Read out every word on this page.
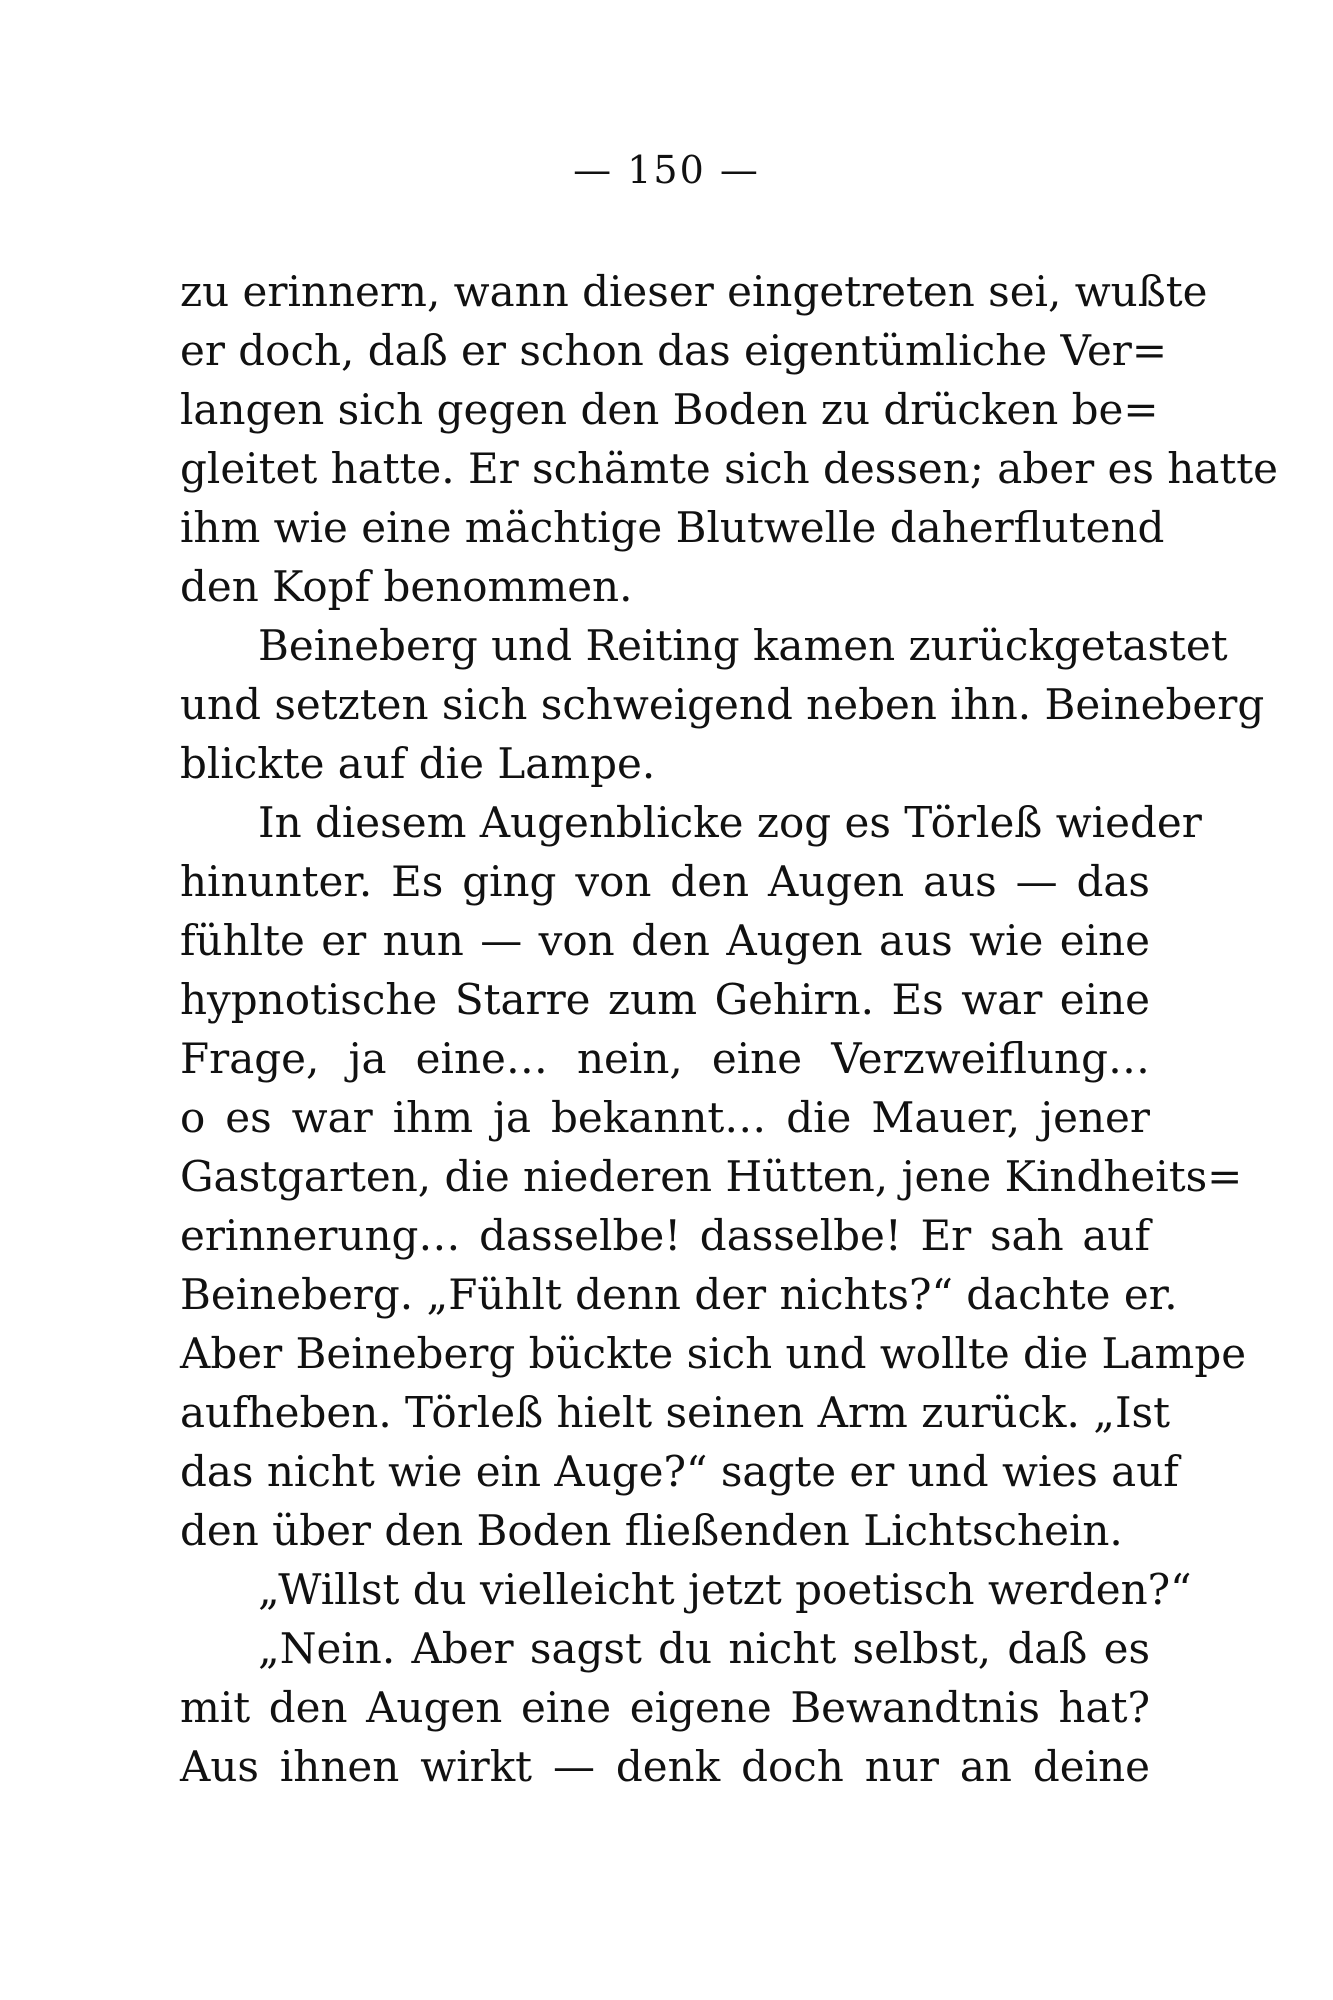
— 150 —
zu erinnern, wann dieser eingetreten sei, wußte
er doch, daß er schon das eigentümliche Ver=
langen sich gegen den Boden zu drücken be=
gleitet hatte. Er schämte sich dessen; aber es hatte
ihm wie eine mächtige Blutwelle daherflutend
den Kopf benommen.
Beineberg und Reiting kamen zurückgetastet
und setzten sich schweigend neben ihn. Beineberg
blickte auf die Lampe.
In diesem Augenblicke zog es Törleß wieder
hinunter. Es ging von den Augen aus — das
fühlte er nun — von den Augen aus wie eine
hypnotische Starre zum Gehirn. Es war eine
Frage, ja eine… nein, eine Verzweiflung…
o es war ihm ja bekannt… die Mauer, jener
Gastgarten, die niederen Hütten, jene Kindheits=
erinnerung… dasselbe! dasselbe! Er sah auf
Beineberg. „Fühlt denn der nichts?“ dachte er.
Aber Beineberg bückte sich und wollte die Lampe
aufheben. Törleß hielt seinen Arm zurück. „Ist
das nicht wie ein Auge?“ sagte er und wies auf
den über den Boden fließenden Lichtschein.
„Willst du vielleicht jetzt poetisch werden?“
„Nein. Aber sagst du nicht selbst, daß es
mit den Augen eine eigene Bewandtnis hat?
Aus ihnen wirkt — denk doch nur an deine
